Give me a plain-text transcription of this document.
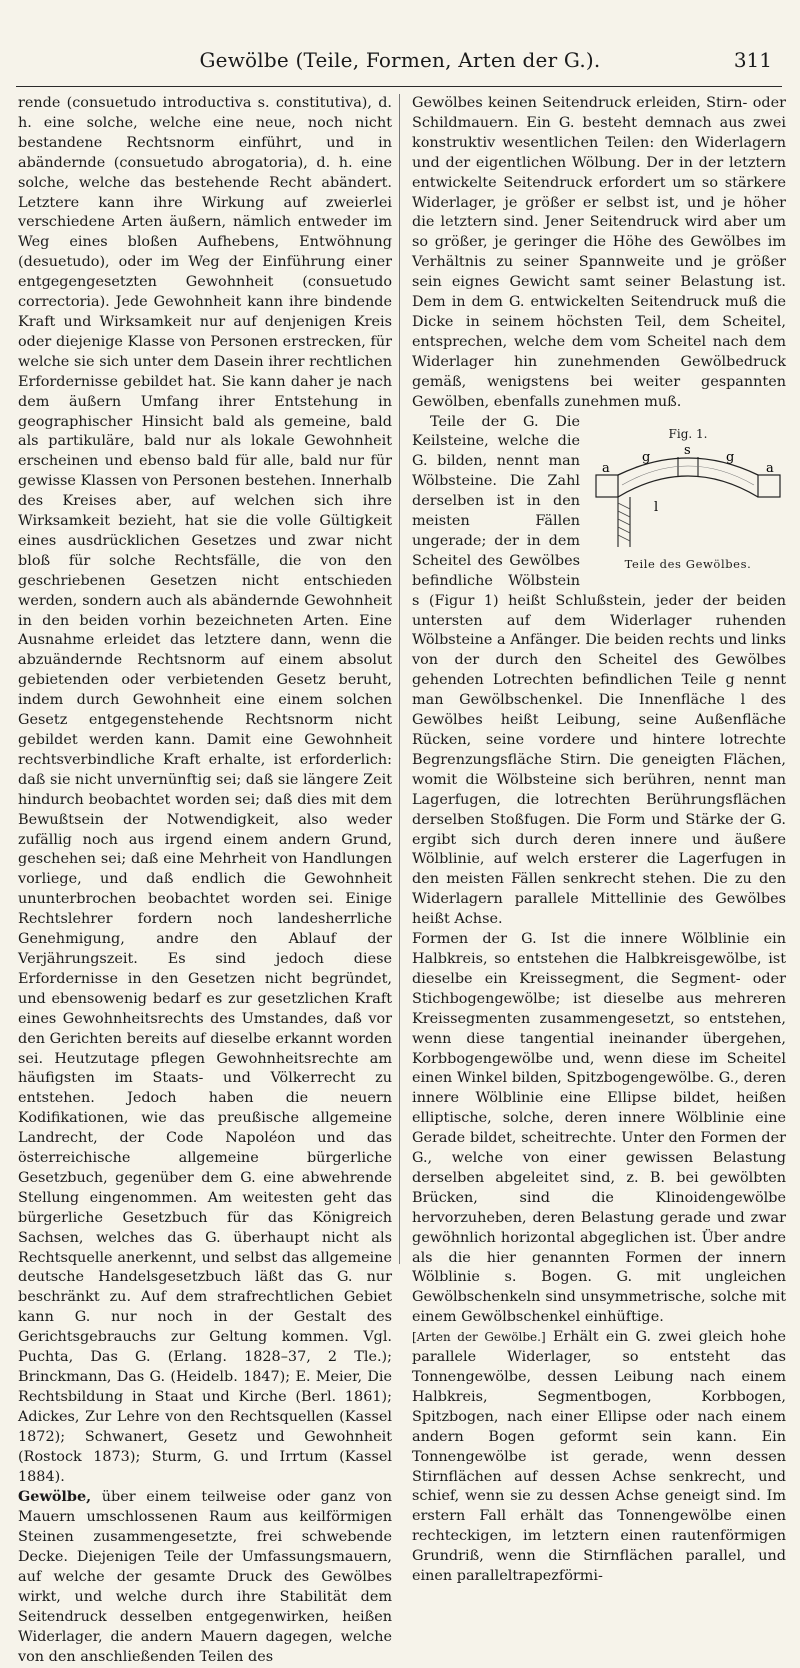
Gewölbe (Teile, Formen, Arten der G.).	311

rende (consuetudo introductiva s. constitutiva), d. h. eine solche, welche eine neue, noch nicht bestandene Rechtsnorm einführt, und in abändernde (consuetudo abrogatoria), d. h. eine solche, welche das bestehende Recht abändert. Letztere kann ihre Wirkung auf zweierlei verschiedene Arten äußern, nämlich entweder im Weg eines bloßen Aufhebens, Entwöhnung (desuetudo), oder im Weg der Einführung einer entgegengesetzten Gewohnheit (consuetudo correctoria). Jede Gewohnheit kann ihre bindende Kraft und Wirksamkeit nur auf denjenigen Kreis oder diejenige Klasse von Personen erstrecken, für welche sie sich unter dem Dasein ihrer rechtlichen Erfordernisse gebildet hat. Sie kann daher je nach dem äußern Umfang ihrer Entstehung in geographischer Hinsicht bald als gemeine, bald als partikuläre, bald nur als lokale Gewohnheit erscheinen und ebenso bald für alle, bald nur für gewisse Klassen von Personen bestehen. Innerhalb des Kreises aber, auf welchen sich ihre Wirksamkeit bezieht, hat sie die volle Gültigkeit eines ausdrücklichen Gesetzes und zwar nicht bloß für solche Rechtsfälle, die von den geschriebenen Gesetzen nicht entschieden werden, sondern auch als abändernde Gewohnheit in den beiden vorhin bezeichneten Arten. Eine Ausnahme erleidet das letztere dann, wenn die abzuändernde Rechtsnorm auf einem absolut gebietenden oder verbietenden Gesetz beruht, indem durch Gewohnheit eine einem solchen Gesetz entgegenstehende Rechtsnorm nicht gebildet werden kann. Damit eine Gewohnheit rechtsverbindliche Kraft erhalte, ist erforderlich: daß sie nicht unvernünftig sei; daß sie längere Zeit hindurch beobachtet worden sei; daß dies mit dem Bewußtsein der Notwendigkeit, also weder zufällig noch aus irgend einem andern Grund, geschehen sei; daß eine Mehrheit von Handlungen vorliege, und daß endlich die Gewohnheit ununterbrochen beobachtet worden sei. Einige Rechtslehrer fordern noch landesherrliche Genehmigung, andre den Ablauf der Verjährungszeit. Es sind jedoch diese Erfordernisse in den Gesetzen nicht begründet, und ebensowenig bedarf es zur gesetzlichen Kraft eines Gewohnheitsrechts des Umstandes, daß vor den Gerichten bereits auf dieselbe erkannt worden sei. Heutzutage pflegen Gewohnheitsrechte am häufigsten im Staats- und Völkerrecht zu entstehen. Jedoch haben die neuern Kodifikationen, wie das preußische allgemeine Landrecht, der Code Napoléon und das österreichische allgemeine bürgerliche Gesetzbuch, gegenüber dem G. eine abwehrende Stellung eingenommen. Am weitesten geht das bürgerliche Gesetzbuch für das Königreich Sachsen, welches das G. überhaupt nicht als Rechtsquelle anerkennt, und selbst das allgemeine deutsche Handelsgesetzbuch läßt das G. nur beschränkt zu. Auf dem strafrechtlichen Gebiet kann G. nur noch in der Gestalt des Gerichtsgebrauchs zur Geltung kommen. Vgl. Puchta, Das G. (Erlang. 1828–37, 2 Tle.); Brinckmann, Das G. (Heidelb. 1847); E. Meier, Die Rechtsbildung in Staat und Kirche (Berl. 1861); Adickes, Zur Lehre von den Rechtsquellen (Kassel 1872); Schwanert, Gesetz und Gewohnheit (Rostock 1873); Sturm, G. und Irrtum (Kassel 1884).

Gewölbe, über einem teilweise oder ganz von Mauern umschlossenen Raum aus keilförmigen Steinen zusammengesetzte, frei schwebende Decke. Diejenigen Teile der Umfassungsmauern, auf welche der gesamte Druck des Gewölbes wirkt, und welche durch ihre Stabilität dem Seitendruck desselben entgegenwirken, heißen Widerlager, die andern Mauern dagegen, welche von den anschließenden Teilen des

Gewölbes keinen Seitendruck erleiden, Stirn- oder Schildmauern. Ein G. besteht demnach aus zwei konstruktiv wesentlichen Teilen: den Widerlagern und der eigentlichen Wölbung. Der in der letztern entwickelte Seitendruck erfordert um so stärkere Widerlager, je größer er selbst ist, und je höher die letztern sind. Jener Seitendruck wird aber um so größer, je geringer die Höhe des Gewölbes im Verhältnis zu seiner Spannweite und je größer sein eignes Gewicht samt seiner Belastung ist. Dem in dem G. entwickelten Seitendruck muß die Dicke in seinem höchsten Teil, dem Scheitel, entsprechen, welche dem vom Scheitel nach dem Widerlager hin zunehmenden Gewölbedruck gemäß, wenigstens bei weiter gespannten Gewölben, ebenfalls zunehmen muß.

Fig. 1.
a
g	s	g
a
l
Teile des Gewölbes.

Teile der G. Die Keilsteine, welche die G. bilden, nennt man Wölbsteine. Die Zahl derselben ist in den meisten Fällen ungerade; der in dem Scheitel des Gewölbes befindliche Wölbstein s (Figur 1) heißt Schlußstein, jeder der beiden untersten auf dem Widerlager ruhenden Wölbsteine a Anfänger. Die beiden rechts und links von der durch den Scheitel des Gewölbes gehenden Lotrechten befindlichen Teile g nennt man Gewölbschenkel. Die Innenfläche l des Gewölbes heißt Leibung, seine Außenfläche Rücken, seine vordere und hintere lotrechte Begrenzungsfläche Stirn. Die geneigten Flächen, womit die Wölbsteine sich berühren, nennt man Lagerfugen, die lotrechten Berührungsflächen derselben Stoßfugen. Die Form und Stärke der G. ergibt sich durch deren innere und äußere Wölblinie, auf welch ersterer die Lagerfugen in den meisten Fällen senkrecht stehen. Die zu den Widerlagern parallele Mittellinie des Gewölbes heißt Achse.

Formen der G. Ist die innere Wölblinie ein Halbkreis, so entstehen die Halbkreisgewölbe, ist dieselbe ein Kreissegment, die Segment- oder Stichbogengewölbe; ist dieselbe aus mehreren Kreissegmenten zusammengesetzt, so entstehen, wenn diese tangential ineinander übergehen, Korbbogengewölbe und, wenn diese im Scheitel einen Winkel bilden, Spitzbogengewölbe. G., deren innere Wölblinie eine Ellipse bildet, heißen elliptische, solche, deren innere Wölblinie eine Gerade bildet, scheitrechte. Unter den Formen der G., welche von einer gewissen Belastung derselben abgeleitet sind, z. B. bei gewölbten Brücken, sind die Klinoidengewölbe hervorzuheben, deren Belastung gerade und zwar gewöhnlich horizontal abgeglichen ist. Über andre als die hier genannten Formen der innern Wölblinie s. Bogen. G. mit ungleichen Gewölbschenkeln sind unsymmetrische, solche mit einem Gewölbschenkel einhüftige.

[Arten der Gewölbe.] Erhält ein G. zwei gleich hohe parallele Widerlager, so entsteht das Tonnengewölbe, dessen Leibung nach einem Halbkreis, Segmentbogen, Korbbogen, Spitzbogen, nach einer Ellipse oder nach einem andern Bogen geformt sein kann. Ein Tonnengewölbe ist gerade, wenn dessen Stirnflächen auf dessen Achse senkrecht, und schief, wenn sie zu dessen Achse geneigt sind. Im erstern Fall erhält das Tonnengewölbe einen rechteckigen, im letztern einen rautenförmigen Grundriß, wenn die Stirnflächen parallel, und einen paralleltrapezförmi-
